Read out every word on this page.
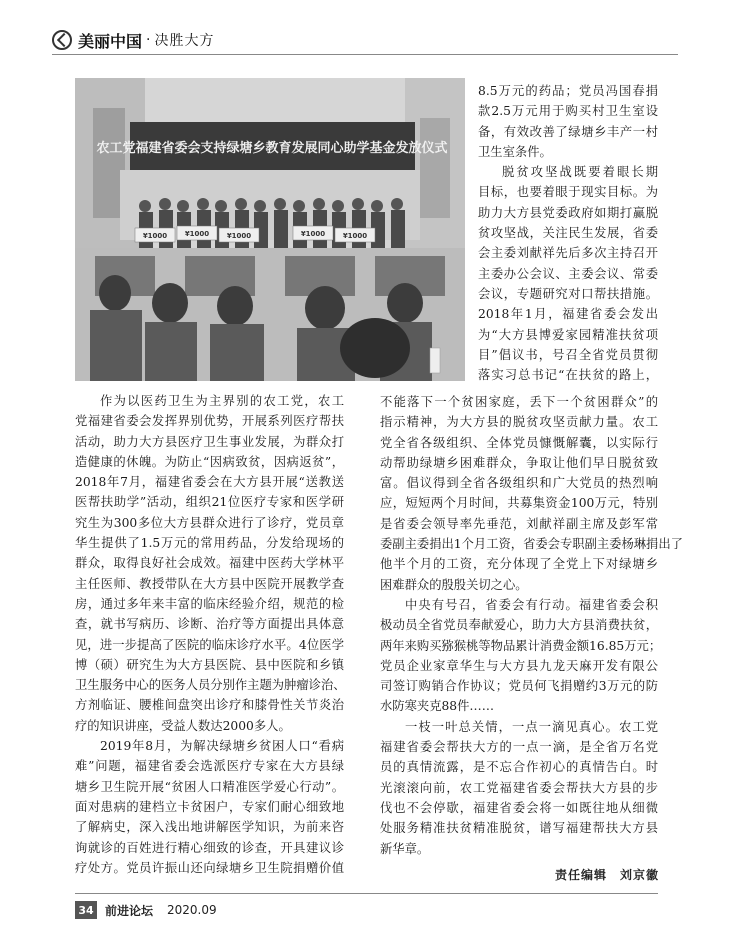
美丽中国 · 决胜大方
农工党福建省委会支持绿塘乡教育发展同心助学基金发放仪式
¥1000	¥1000	¥1000	¥1000	¥1000

8.5万元的药品；党员冯国春捐
款2.5万元用于购买村卫生室设
备，有效改善了绿塘乡丰产一村
卫生室条件。

脱贫攻坚战既要着眼长期
目标，也要着眼于现实目标。为
助力大方县党委政府如期打赢脱
贫攻坚战，关注民生发展，省委
会主委刘献祥先后多次主持召开
主委办公会议、主委会议、常委
会议，专题研究对口帮扶措施。
2018年1月，福建省委会发出
为“大方县博爱家园精准扶贫项
目”倡议书，号召全省党员贯彻
落实习总书记“在扶贫的路上，

作为以医药卫生为主界别的农工党，农工
党福建省委会发挥界别优势，开展系列医疗帮扶
活动，助力大方县医疗卫生事业发展，为群众打
造健康的休魄。为防止“因病致贫，因病返贫”，
2018年7月，福建省委会在大方县开展“送教送
医帮扶助学”活动，组织21位医疗专家和医学研
究生为300多位大方县群众进行了诊疗，党员章
华生提供了1.5万元的常用药品，分发给现场的
群众，取得良好社会成效。福建中医药大学林平
主任医师、教授带队在大方县中医院开展教学查
房，通过多年来丰富的临床经验介绍，规范的检
查，就书写病历、诊断、治疗等方面提出具体意
见，进一步提高了医院的临床诊疗水平。4位医学
博（硕）研究生为大方县医院、县中医院和乡镇
卫生服务中心的医务人员分别作主题为肿瘤诊治、
方剂临证、腰椎间盘突出诊疗和膝骨性关节炎治
疗的知识讲座，受益人数达2000多人。

2019年8月，为解决绿塘乡贫困人口“看病
难”问题，福建省委会选派医疗专家在大方县绿
塘乡卫生院开展“贫困人口精准医学爱心行动”。
面对患病的建档立卡贫困户，专家们耐心细致地
了解病史，深入浅出地讲解医学知识，为前来咨
询就诊的百姓进行精心细致的诊查，开具建议诊
疗处方。党员许振山还向绿塘乡卫生院捐赠价值

不能落下一个贫困家庭，丢下一个贫困群众”的
指示精神，为大方县的脱贫攻坚贡献力量。农工
党全省各级组织、全体党员慷慨解囊，以实际行
动帮助绿塘乡困难群众，争取让他们早日脱贫致
富。倡议得到全省各级组织和广大党员的热烈响
应，短短两个月时间，共募集资金100万元，特别
是省委会领导率先垂范，刘献祥副主席及彭军常
委副主委捐出1个月工资，省委会专职副主委杨琳捐出了
他半个月的工资，充分体现了全党上下对绿塘乡
困难群众的殷殷关切之心。

中央有号召，省委会有行动。福建省委会积
极动员全省党员奉献爱心，助力大方县消费扶贫，
两年来购买猕猴桃等物品累计消费金额16.85万元；
党员企业家章华生与大方县九龙天麻开发有限公
司签订购销合作协议；党员何飞捐赠约3万元的防
水防寒夹克88件……

一枝一叶总关情，一点一滴见真心。农工党
福建省委会帮扶大方的一点一滴，是全省万名党
员的真情流露，是不忘合作初心的真情告白。时
光滚滚向前，农工党福建省委会帮扶大方县的步
伐也不会停歇，福建省委会将一如既往地从细微
处服务精准扶贫精准脱贫，谱写福建帮扶大方县
新华章。

责任编辑　刘京徽
34 前进论坛 2020.09
